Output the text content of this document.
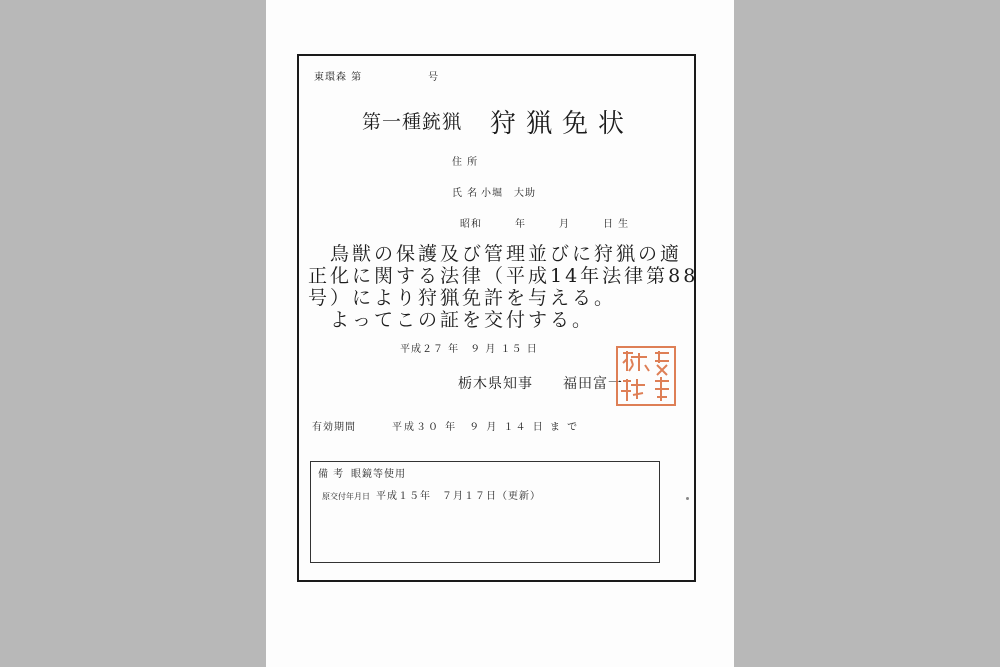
東環森 第　　　　　　号
第一種銃猟 狩猟免状
住 所
氏 名 小堀　大助
昭和　　　年　　　月　　　日 生
　鳥獣の保護及び管理並びに狩猟の適
正化に関する法律（平成14年法律第88
号）により狩猟免許を与える。
　よってこの証を交付する。
平成２７ 年　９ 月 １５ 日
栃木県知事　　福田富一	栃木県知事印
有効期間	平成３０ 年　９ 月 １４ 日 ま で
備 考 眼鏡等使用
原交付年月日 平成１５年　７月１７日（更新）
